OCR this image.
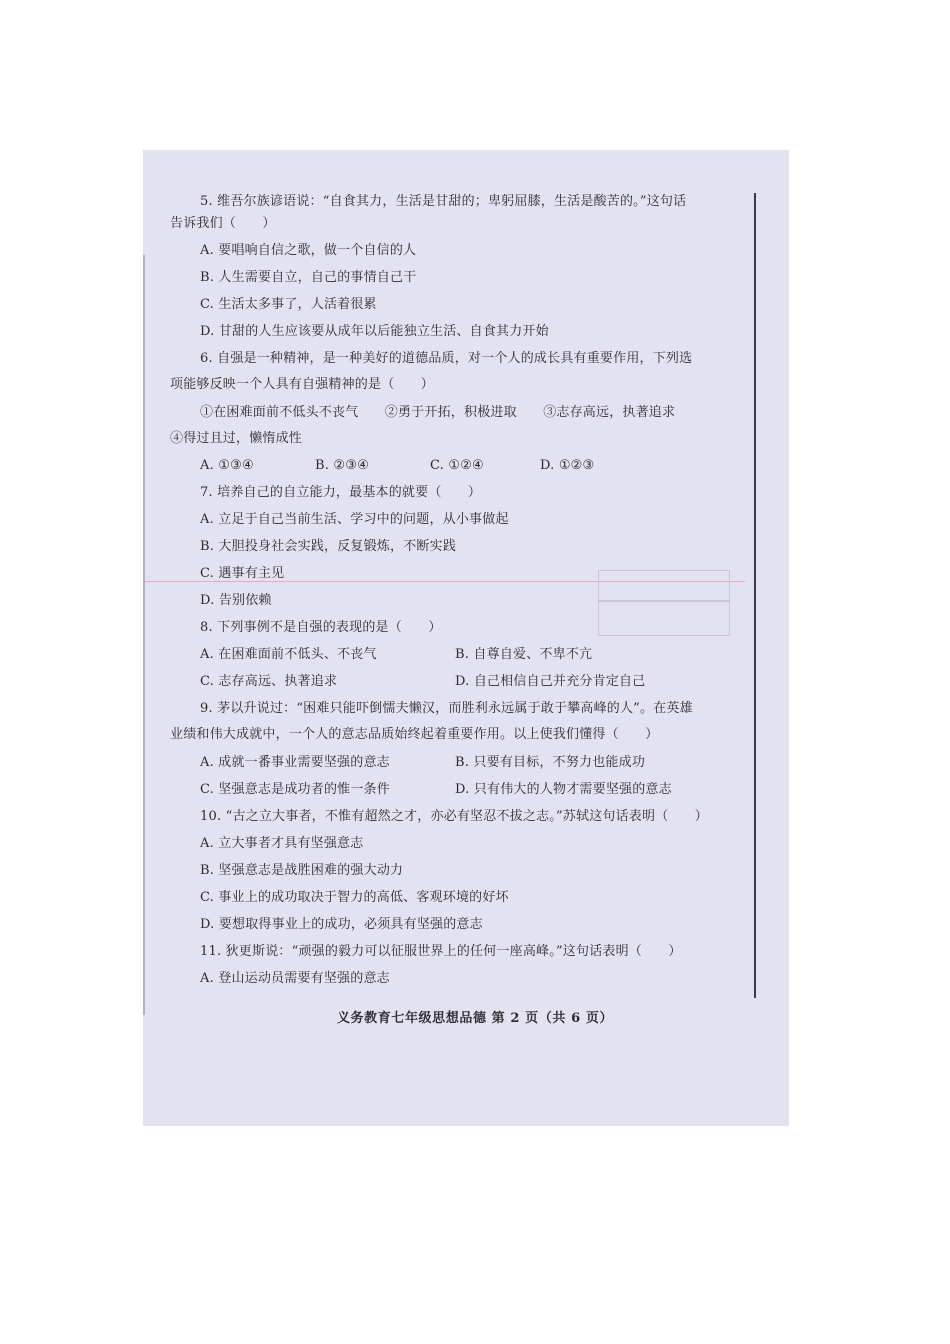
5. 维吾尔族谚语说：“自食其力，生活是甘甜的；卑躬屈膝，生活是酸苦的。”这句话
告诉我们（　　）
A. 要唱响自信之歌，做一个自信的人
B. 人生需要自立，自己的事情自己干
C. 生活太多事了，人活着很累
D. 甘甜的人生应该要从成年以后能独立生活、自食其力开始
6. 自强是一种精神，是一种美好的道德品质，对一个人的成长具有重要作用，下列选
项能够反映一个人具有自强精神的是（　　）
①在困难面前不低头不丧气　　②勇于开拓，积极进取　　③志存高远，执著追求
④得过且过，懒惰成性
A. ①③④	B. ②③④	C. ①②④	D. ①②③
7. 培养自己的自立能力，最基本的就要（　　）
A. 立足于自己当前生活、学习中的问题，从小事做起
B. 大胆投身社会实践，反复锻炼，不断实践
C. 遇事有主见
D. 告别依赖
8. 下列事例不是自强的表现的是（　　）
A. 在困难面前不低头、不丧气	B. 自尊自爱、不卑不亢
C. 志存高远、执著追求	D. 自己相信自己并充分肯定自己
9. 茅以升说过：“困难只能吓倒懦夫懒汉，而胜利永远属于敢于攀高峰的人”。在英雄
业绩和伟大成就中，一个人的意志品质始终起着重要作用。以上使我们懂得（　　）
A. 成就一番事业需要坚强的意志	B. 只要有目标，不努力也能成功
C. 坚强意志是成功者的惟一条件	D. 只有伟大的人物才需要坚强的意志
10. “古之立大事者，不惟有超然之才，亦必有坚忍不拔之志。”苏轼这句话表明（　　）
A. 立大事者才具有坚强意志
B. 坚强意志是战胜困难的强大动力
C. 事业上的成功取决于智力的高低、客观环境的好坏
D. 要想取得事业上的成功，必须具有坚强的意志
11. 狄更斯说：“顽强的毅力可以征服世界上的任何一座高峰。”这句话表明（　　）
A. 登山运动员需要有坚强的意志
义务教育七年级思想品德 第 2 页（共 6 页）
